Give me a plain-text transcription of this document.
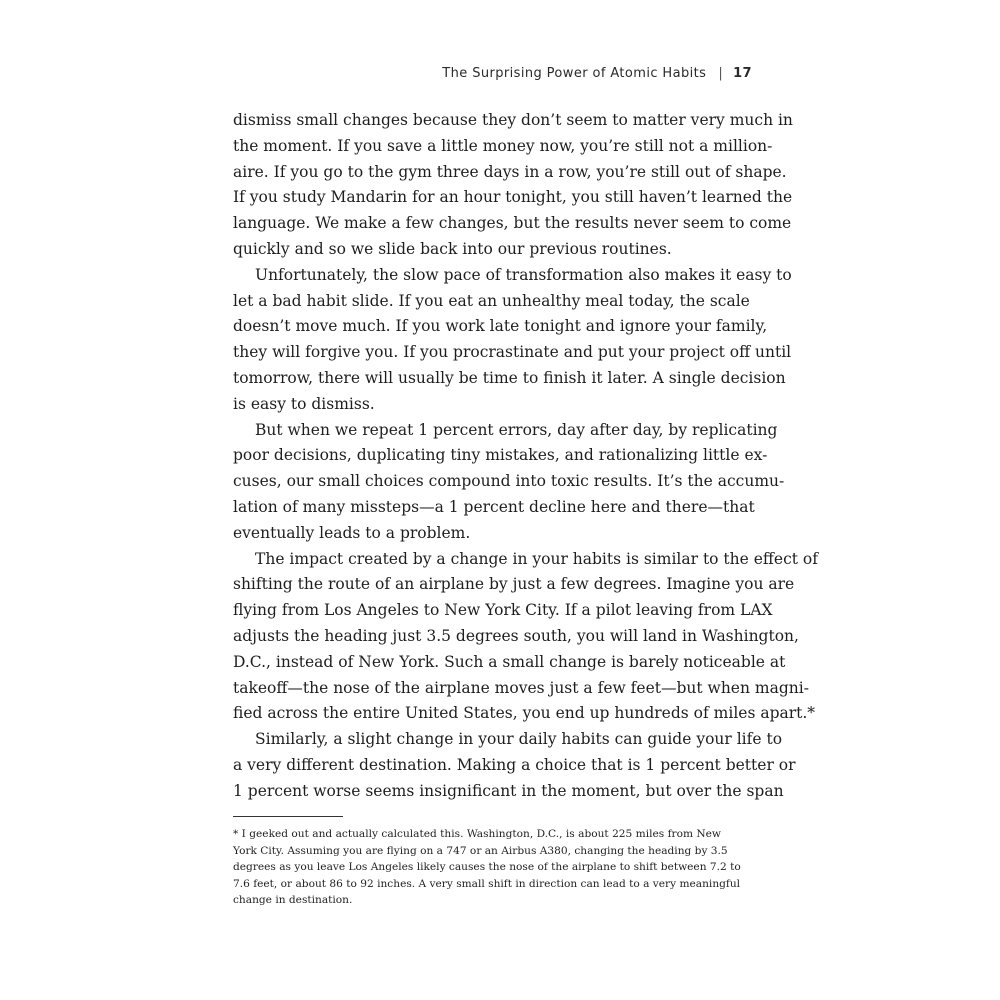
The Surprising Power of Atomic Habits | 17
dismiss small changes because they don’t seem to matter very much in
the moment. If you save a little money now, you’re still not a million-
aire. If you go to the gym three days in a row, you’re still out of shape.
If you study Mandarin for an hour tonight, you still haven’t learned the
language. We make a few changes, but the results never seem to come
quickly and so we slide back into our previous routines.
Unfortunately, the slow pace of transformation also makes it easy to
let a bad habit slide. If you eat an unhealthy meal today, the scale
doesn’t move much. If you work late tonight and ignore your family,
they will forgive you. If you procrastinate and put your project off until
tomorrow, there will usually be time to finish it later. A single decision
is easy to dismiss.
But when we repeat 1 percent errors, day after day, by replicating
poor decisions, duplicating tiny mistakes, and rationalizing little ex-
cuses, our small choices compound into toxic results. It’s the accumu-
lation of many missteps—a 1 percent decline here and there—that
eventually leads to a problem.
The impact created by a change in your habits is similar to the effect of
shifting the route of an airplane by just a few degrees. Imagine you are
flying from Los Angeles to New York City. If a pilot leaving from LAX
adjusts the heading just 3.5 degrees south, you will land in Washington,
D.C., instead of New York. Such a small change is barely noticeable at
takeoff—the nose of the airplane moves just a few feet—but when magni-
fied across the entire United States, you end up hundreds of miles apart.*
Similarly, a slight change in your daily habits can guide your life to
a very different destination. Making a choice that is 1 percent better or
1 percent worse seems insignificant in the moment, but over the span
* I geeked out and actually calculated this. Washington, D.C., is about 225 miles from New
York City. Assuming you are flying on a 747 or an Airbus A380, changing the heading by 3.5
degrees as you leave Los Angeles likely causes the nose of the airplane to shift between 7.2 to
7.6 feet, or about 86 to 92 inches. A very small shift in direction can lead to a very meaningful
change in destination.
